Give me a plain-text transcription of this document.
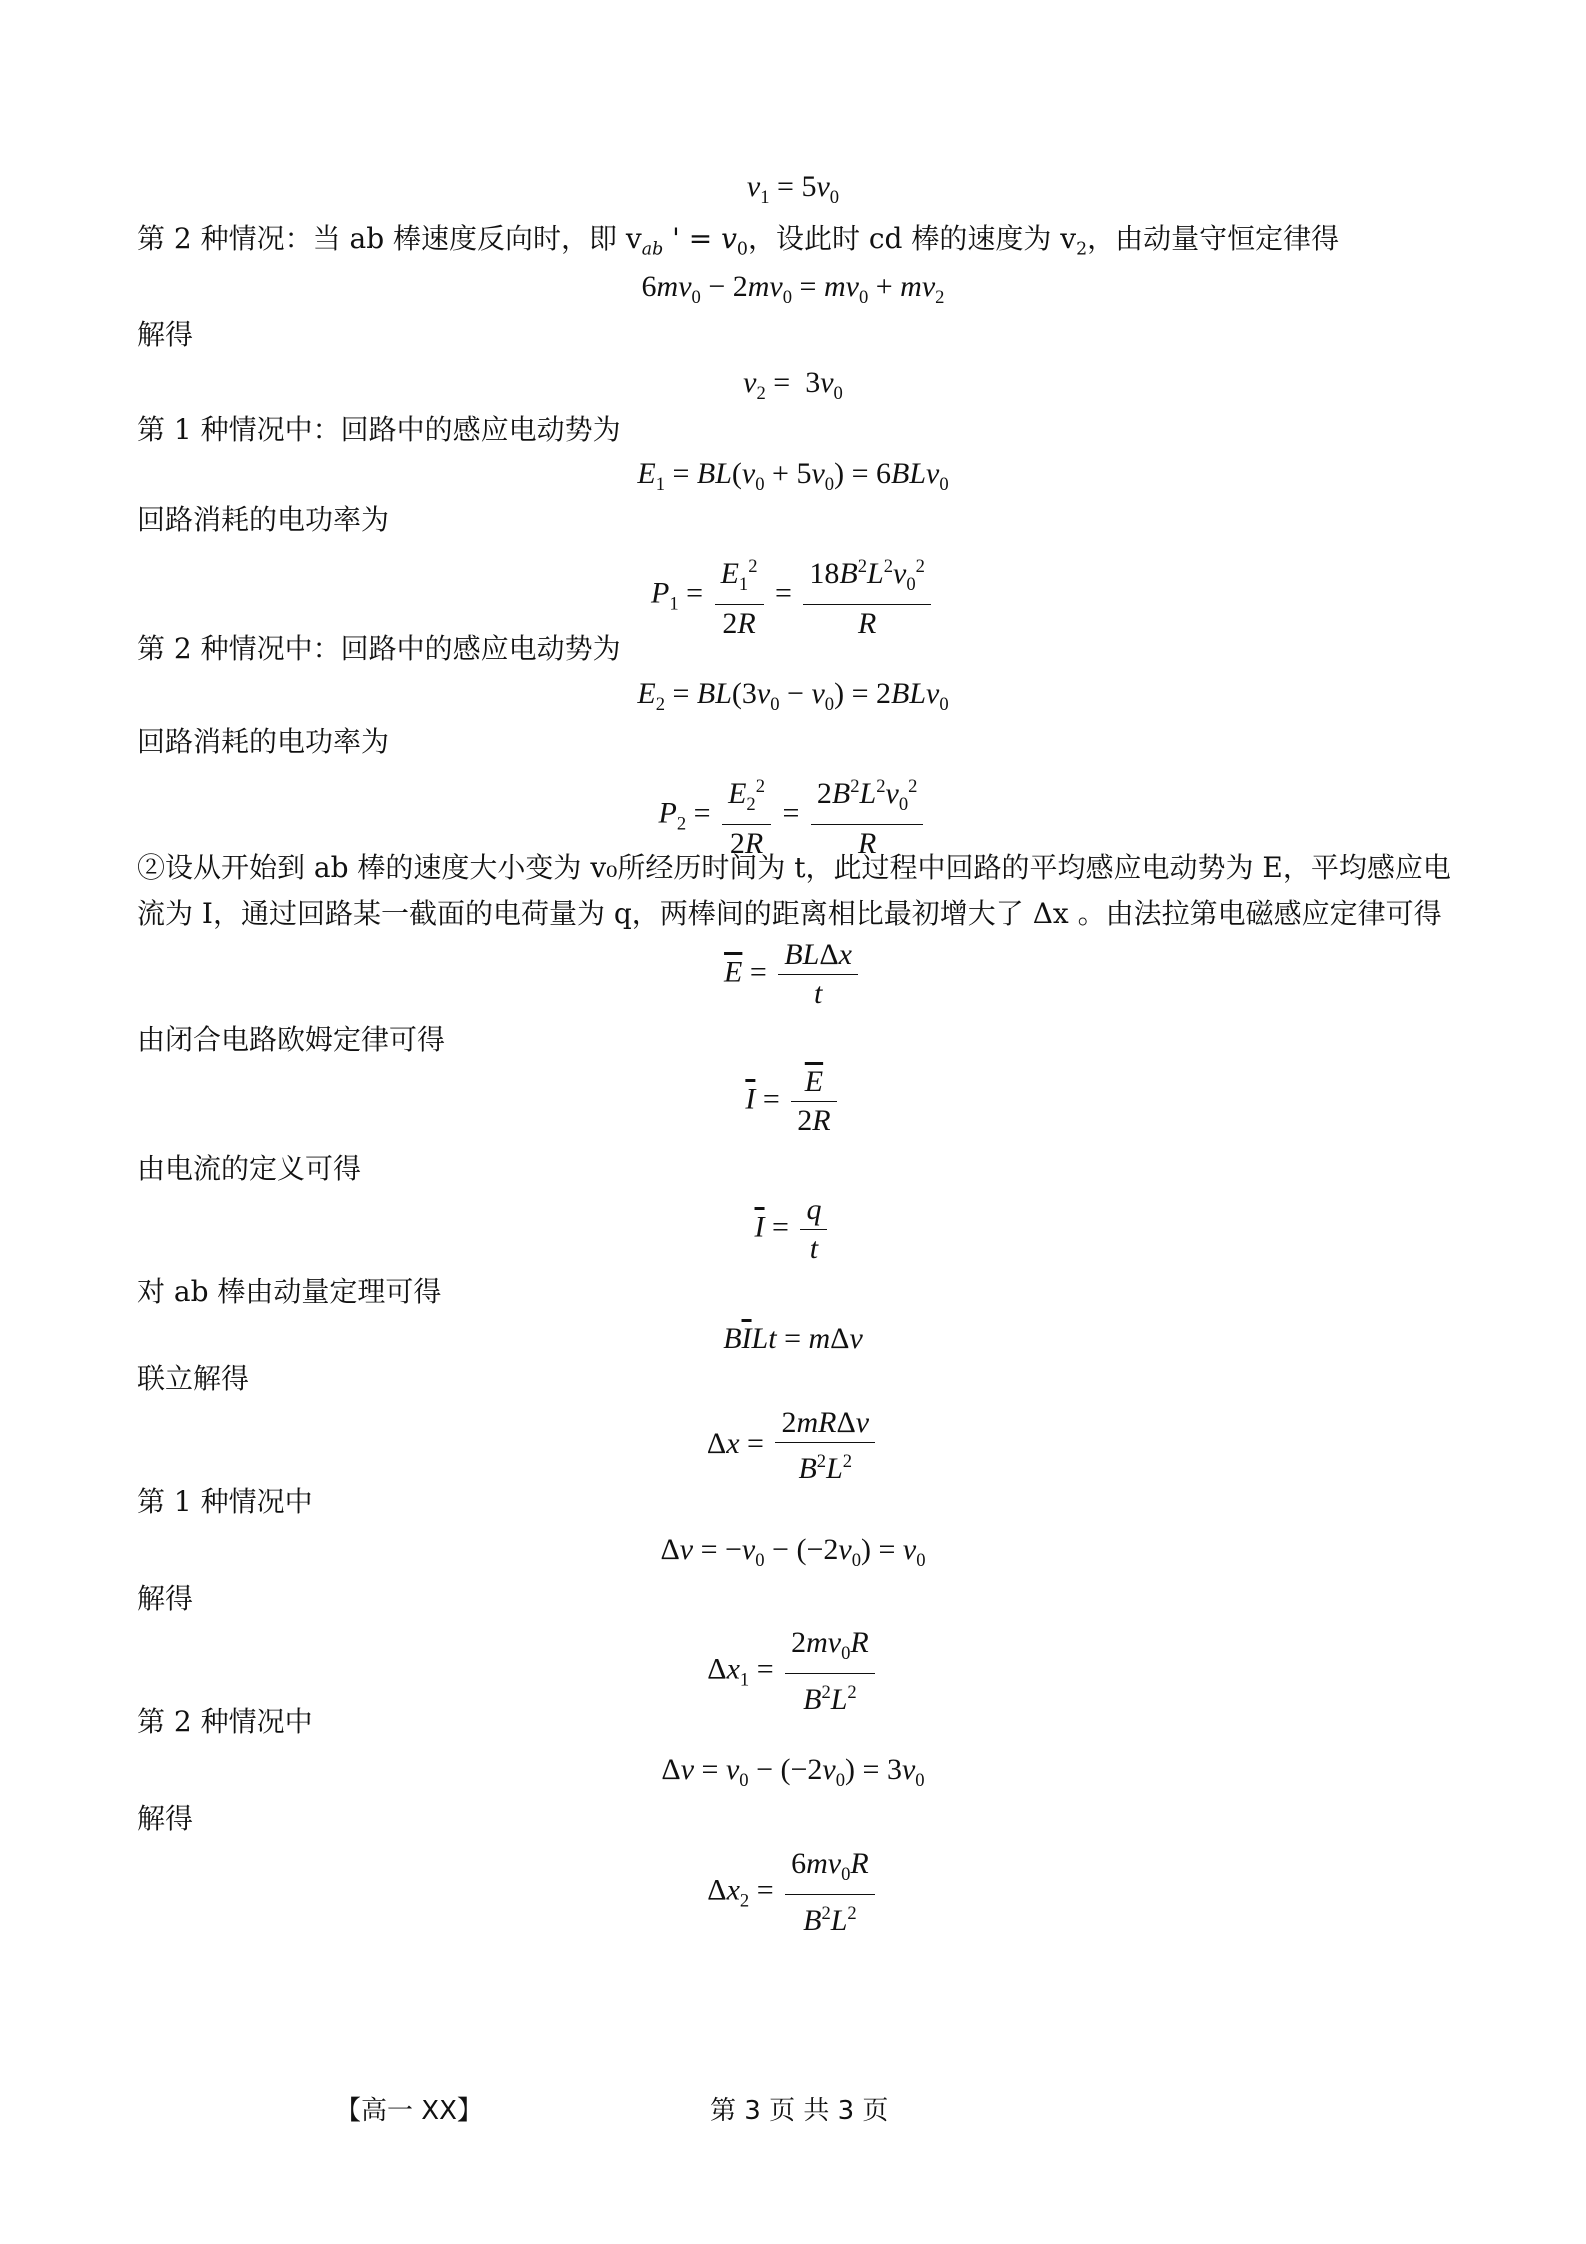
$v_1 = 5v_0$
第 2 种情况：当 ab 棒速度反向时，即 $v_{ab}$ ' = $v_0$，设此时 cd 棒的速度为 $v_2$，由动量守恒定律得
$6mv_0 - 2mv_0 = mv_0 + mv_2$
解得
$v_2 = 3v_0$
第 1 种情况中：回路中的感应电动势为
$E_1 = BL(v_0 + 5v_0) = 6BLv_0$
回路消耗的电功率为
$P_1 = \frac{E_1^2}{2R} = \frac{18B^2L^2v_0^2}{R}$
第 2 种情况中：回路中的感应电动势为
$E_2 = BL(3v_0 - v_0) = 2BLv_0$
回路消耗的电功率为
$P_2 = \frac{E_2^2}{2R} = \frac{2B^2L^2v_0^2}{R}$
②设从开始到 ab 棒的速度大小变为 v₀所经历时间为 t，此过程中回路的平均感应电动势为 E，平均感应电流为 I，通过回路某一截面的电荷量为 q，两棒间的距离相比最初增大了 Δx 。由法拉第电磁感应定律可得
$\overline{E} = \frac{\text{BLΔx}}{t}$
由闭合电路欧姆定律可得
$\overline{I} = \frac{\overline{E}}{2R}$
由电流的定义可得
$\overline{I} = \frac{q}{t}$
对 ab 棒由动量定理可得
$B\overline{I}Lt = m\Delta v$
联立解得
$\Delta x = \frac{\text{2mRΔv}}{B^2L^2}$
第 1 种情况中
$\Delta v = -v_0 - (-2v_0) = v_0$
解得
$\Delta x_1 = \frac{2mv_0R}{B^2L^2}$
第 2 种情况中
$\Delta v = v_0 - (-2v_0) = 3v_0$
解得
$\Delta x_2 = \frac{6mv_0R}{B^2L^2}$
【高一 XX】	第 3 页 共 3 页
